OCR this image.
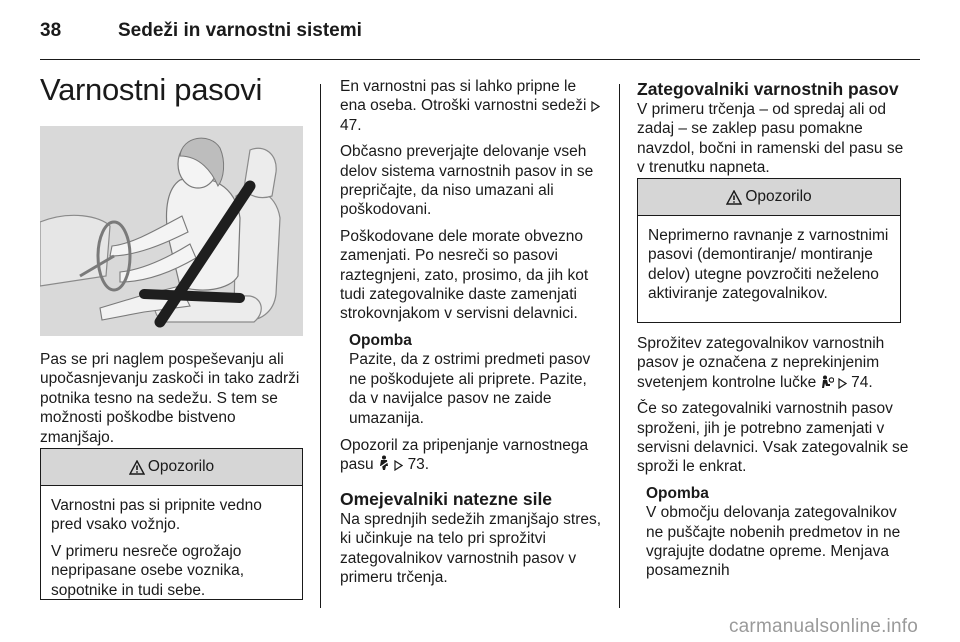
38	Sedeži in varnostni sistemi
Varnostni pasovi

Pas se pri naglem pospeševanju ali upočasnjevanju zaskoči in tako zadrži potnika tesno na sedežu. S tem se možnosti poškodbe bistveno zmanjšajo.

Opozorilo

Varnostni pas si pripnite vedno pred vsako vožnjo.

V primeru nesreče ogrožajo nepripasane osebe voznika, sopotnike in tudi sebe.

En varnostni pas si lahko pripne le ena oseba. Otroški varnostni sedeži  47.

Občasno preverjajte delovanje vseh delov sistema varnostnih pasov in se prepričajte, da niso umazani ali poškodovani.

Poškodovane dele morate obvezno zamenjati. Po nesreči so pasovi raztegnjeni, zato, prosimo, da jih kot tudi zategovalnike daste zamenjati strokovnjakom v servisni delavnici.

Opomba
Pazite, da z ostrimi predmeti pasov ne poškodujete ali priprete. Pazite, da v navijalce pasov ne zaide umazanija.

Opozoril za pripenjanje varnostnega pasu 73.

Omejevalniki natezne sile

Na sprednjih sedežih zmanjšajo stres, ki učinkuje na telo pri sprožitvi zategovalnikov varnostnih pasov v primeru trčenja.

Zategovalniki varnostnih pasov

V primeru trčenja – od spredaj ali od zadaj – se zaklep pasu pomakne navzdol, bočni in ramenski del pasu se v trenutku napneta.

Opozorilo

Neprimerno ravnanje z varnostnimi pasovi (demontiranje/ montiranje delov) utegne povzročiti neželeno aktiviranje zategovalnikov.

Sprožitev zategovalnikov varnostnih pasov je označena z neprekinjenim svetenjem kontrolne lučke 74.

Če so zategovalniki varnostnih pasov sproženi, jih je potrebno zamenjati v servisni delavnici. Vsak zategovalnik se sproži le enkrat.

Opomba
V območju delovanja zategovalnikov ne puščajte nobenih predmetov in ne vgrajujte dodatne opreme. Menjava posameznih
carmanualsonline.info
